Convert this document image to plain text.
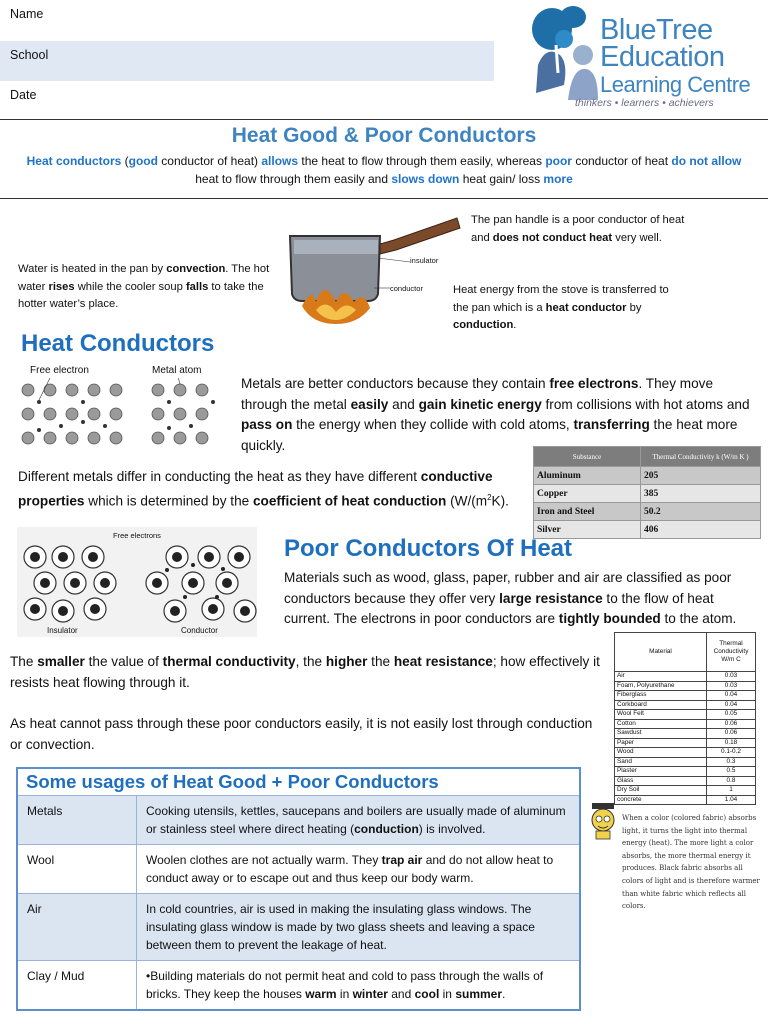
Name
School
Date
BlueTree
Education
Learning Centre
thinkers • learners • achievers
Heat Good & Poor Conductors
Heat conductors (good conductor of heat) allows the heat to flow through them easily, whereas poor conductor of heat do not allow
heat to flow through them easily and slows down heat gain/ loss more
Water is heated in the pan by convection. The hot water rises while the cooler soup falls to take the hotter water’s place.
insulator
conductor
The pan handle is a poor conductor of heat and does not conduct heat very well.
Heat energy from the stove is transferred to the pan which is a heat conductor by conduction.
Heat Conductors
Free electron	Metal atom
Metals are better conductors because they contain free electrons. They move through the metal easily and gain kinetic energy from collisions with hot atoms and pass on the energy when they collide with cold atoms, transferring the heat more quickly.
Different metals differ in conducting the heat as they have different conductive properties which is determined by the coefficient of heat conduction ($W/(m^2K)$.
Substance	Thermal Conductivity k (W/m K )
Aluminum	205
Copper	385
Iron and Steel	50.2
Silver	406
Free electrons
Insulator	Conductor
Poor Conductors Of Heat
Materials such as wood, glass, paper, rubber and air are classified as poor conductors because they offer very large resistance to the flow of heat current. The electrons in poor conductors are tightly bounded to the atom.
Material	Thermal Conductivity W/m C
Air	0.03
Foam, Polyurethane	0.03
Fiberglass	0.04
Corkboard	0.04
Wool Felt	0.05
Cotton	0.06
Sawdust	0.06
Paper	0.18
Wood	0.1-0.2
Sand	0.3
Plaster	0.5
Glass	0.8
Dry Soil	1
concrete	1.04
The smaller the value of thermal conductivity, the higher the heat resistance; how effectively it resists heat flowing through it.
As heat cannot pass through these poor conductors easily, it is not easily lost through conduction or convection.
Some usages of Heat Good + Poor Conductors	
Metals	Cooking utensils, kettles, saucepans and boilers are usually made of aluminum or stainless steel where direct heating (conduction) is involved.
Wool	Woolen clothes are not actually warm. They trap air and do not allow heat to conduct away or to escape out and thus keep our body warm.
Air	In cold countries, air is used in making the insulating glass windows. The insulating glass window is made by two glass sheets and leaving a space between them to prevent the leakage of heat.
Clay / Mud	•Building materials do not permit heat and cold to pass through the walls of bricks. They keep the houses warm in winter and cool in summer.
When a color (colored fabric) absorbs light, it turns the light into thermal energy (heat). The more light a color absorbs, the more thermal energy it produces. Black fabric absorbs all colors of light and is therefore warmer than white fabric which reflects all colors.
